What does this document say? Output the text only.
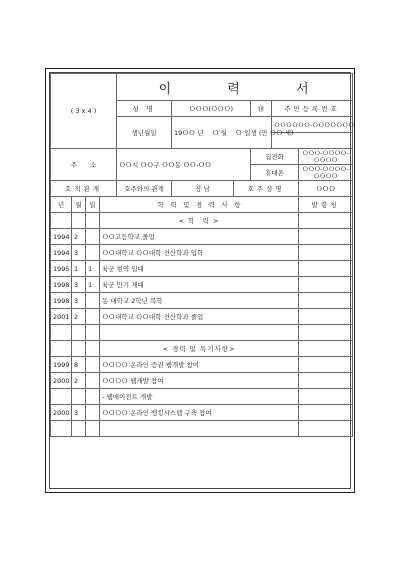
( 3 x 4 )				이 력 서					
				성 명	ＯＯＯ(ＯＯＯ)		㊞	주민등록번호	
				생년월일	19ＯＯ 년　 Ｏ 월　 Ｏ 일생 (만 ＯＯ 세)			ＯＯＯＯＯＯ-ＯＯＯＯＯＯＯ	

주　　소				ＯＯ시 ＯＯ구 ＯＯ동 ＯＯ-ＯＯ			집전화		ＯＯＯ-ＯＯＯＯ-ＯＯＯＯ
							휴대폰		ＯＯＯ-ＯＯＯＯ-ＯＯＯＯ
호적관계				호주와의 관계	장 남	호주성명			ＯＯＯ
년	월	일	학　력　및　경　력　사　항						발령청
			< 학　력 >						
1994	2		ＯＯ고등학교 졸업						
1994	3		ＯＯ대학교 ＯＯ대학 전산학과 입학						
1995	1	1	육군 현역 입대						
1998	3	1	육군 만기 제대						
1998	3		동 대학교 2학년 복학						
2001	2		ＯＯ대학교 ＯＯ대학 전산학과 졸업						

			< 경력 및 특기사항>						
1999	8		ＯＯＯＯ 온라인 증권 웹개발 참여						
2000	2		ＯＯＯＯ 웹개발 참여						
			- 웹에이전트 개발						
2000	3		ＯＯＯＯ 온라인 뱅킹시스템 구축 참여						
